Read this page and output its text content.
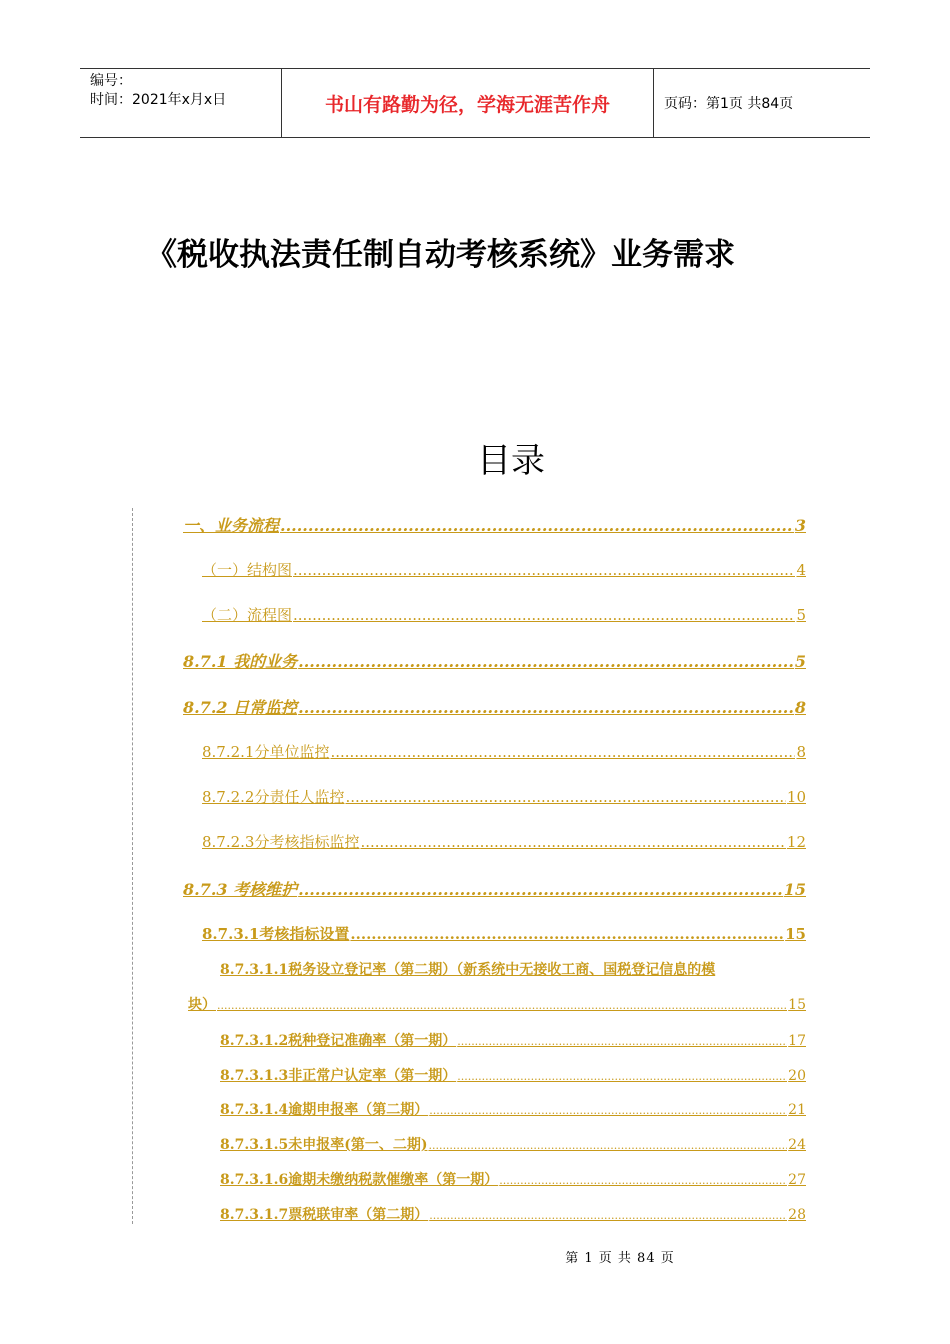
编号：
时间：2021年x月x日	书山有路勤为径，学海无涯苦作舟	页码：第1页 共84页
《税收执法责任制自动考核系统》业务需求
目录
一、业务流程 .....	3
（一）结构图 .....	4
（二）流程图 .....	5
8.7.1 我的业务 .....	5
8.7.2 日常监控 .....	8
8.7.2.1分单位监控 .....	8
8.7.2.2分责任人监控 .....	10
8.7.2.3分考核指标监控 .....	12
8.7.3 考核维护 .....	15
8.7.3.1考核指标设置 .....	15
8.7.3.1.1税务设立登记率（第二期）（新系统中无接收工商、国税登记信息的模
块） .....	15
8.7.3.1.2税种登记准确率（第一期） .....	17
8.7.3.1.3非正常户认定率（第一期） .....	20
8.7.3.1.4逾期申报率（第二期） .....	21
8.7.3.1.5未申报率(第一、二期) .....	24
8.7.3.1.6逾期未缴纳税款催缴率（第一期） .....	27
8.7.3.1.7票税联审率（第二期） .....	28
第 1 页 共 84 页
